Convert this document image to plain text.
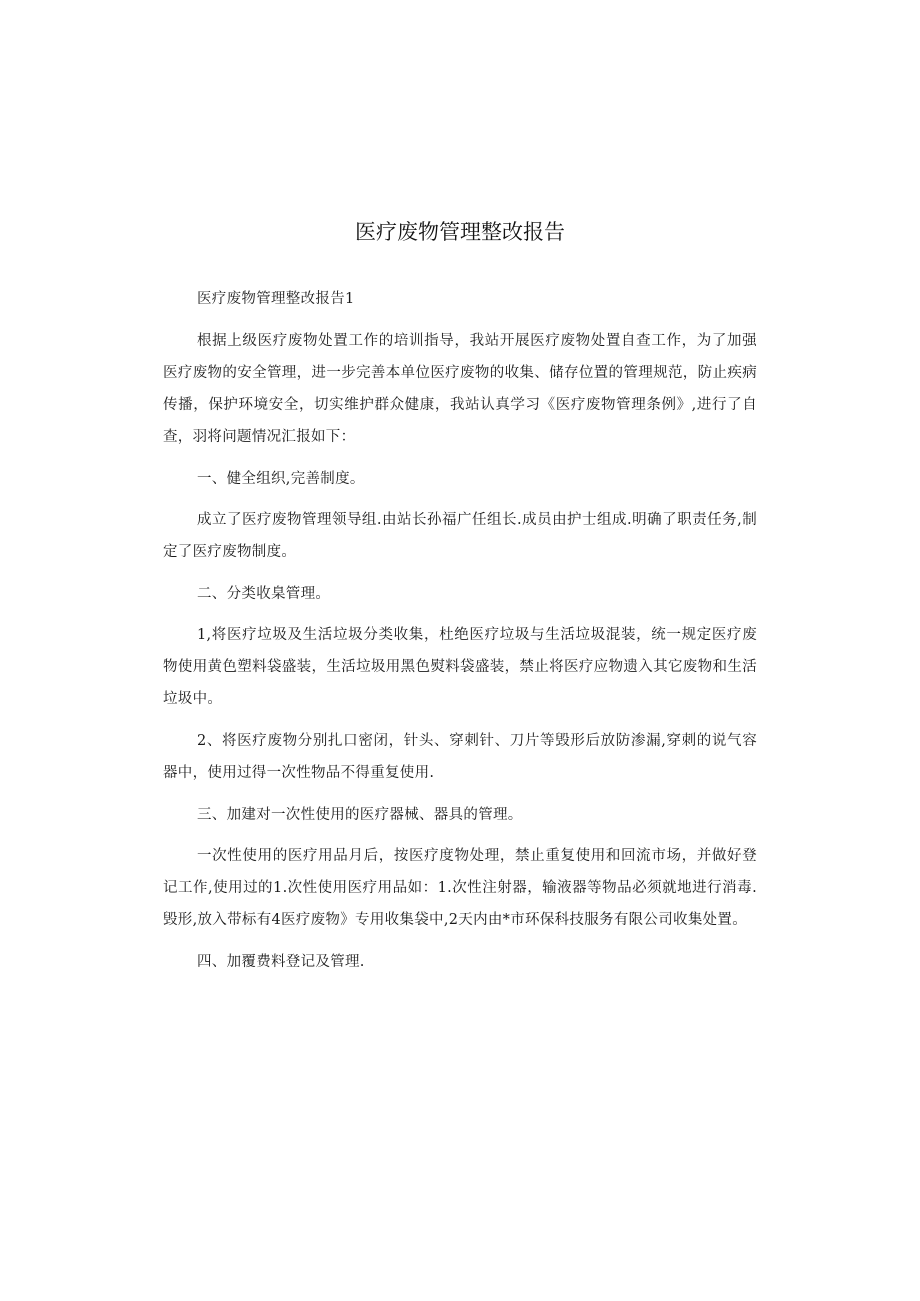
医疗废物管理整改报告

医疗废物管理整改报告1

根据上级医疗废物处置工作的培训指导，我站开展医疗废物处置自查工作，为了加强医疗废物的安全管理，进一步完善本单位医疗废物的收集、储存位置的管理规范，防止疾病传播，保护环境安全，切实维护群众健康，我站认真学习《医疗废物管理条例》,进行了自查，羽将问题情况汇报如下：

一、健全组织,完善制度。

成立了医疗废物管理领导组.由站长孙福广任组长.成员由护士组成.明确了职责任务,制定了医疗废物制度。

二、分类收臬管理。

1,将医疗垃圾及生活垃圾分类收集，杜绝医疗垃圾与生活垃圾混装，统一规定医疗废物使用黄色塑料袋盛装，生活垃圾用黑色熨料袋盛装，禁止将医疗应物遗入其它废物和生活垃圾中。

2、将医疗废物分别扎口密闭，针头、穿刺针、刀片等毁形后放防渗漏,穿刺的说气容器中，使用过得一次性物品不得重复使用.

三、加建对一次性使用的医疗器械、器具的管理。

一次性使用的医疗用品月后，按医疗度物处理，禁止重复使用和回流市场，并做好登记工作,使用过的1.次性使用医疗用品如：1.次性注射器，输液器等物品必须就地进行消毒.毁形,放入带标有4医疗废物》专用收集袋中,2天内由*市环保科技服务有限公司收集处置。

四、加覆费料登记及管理.
